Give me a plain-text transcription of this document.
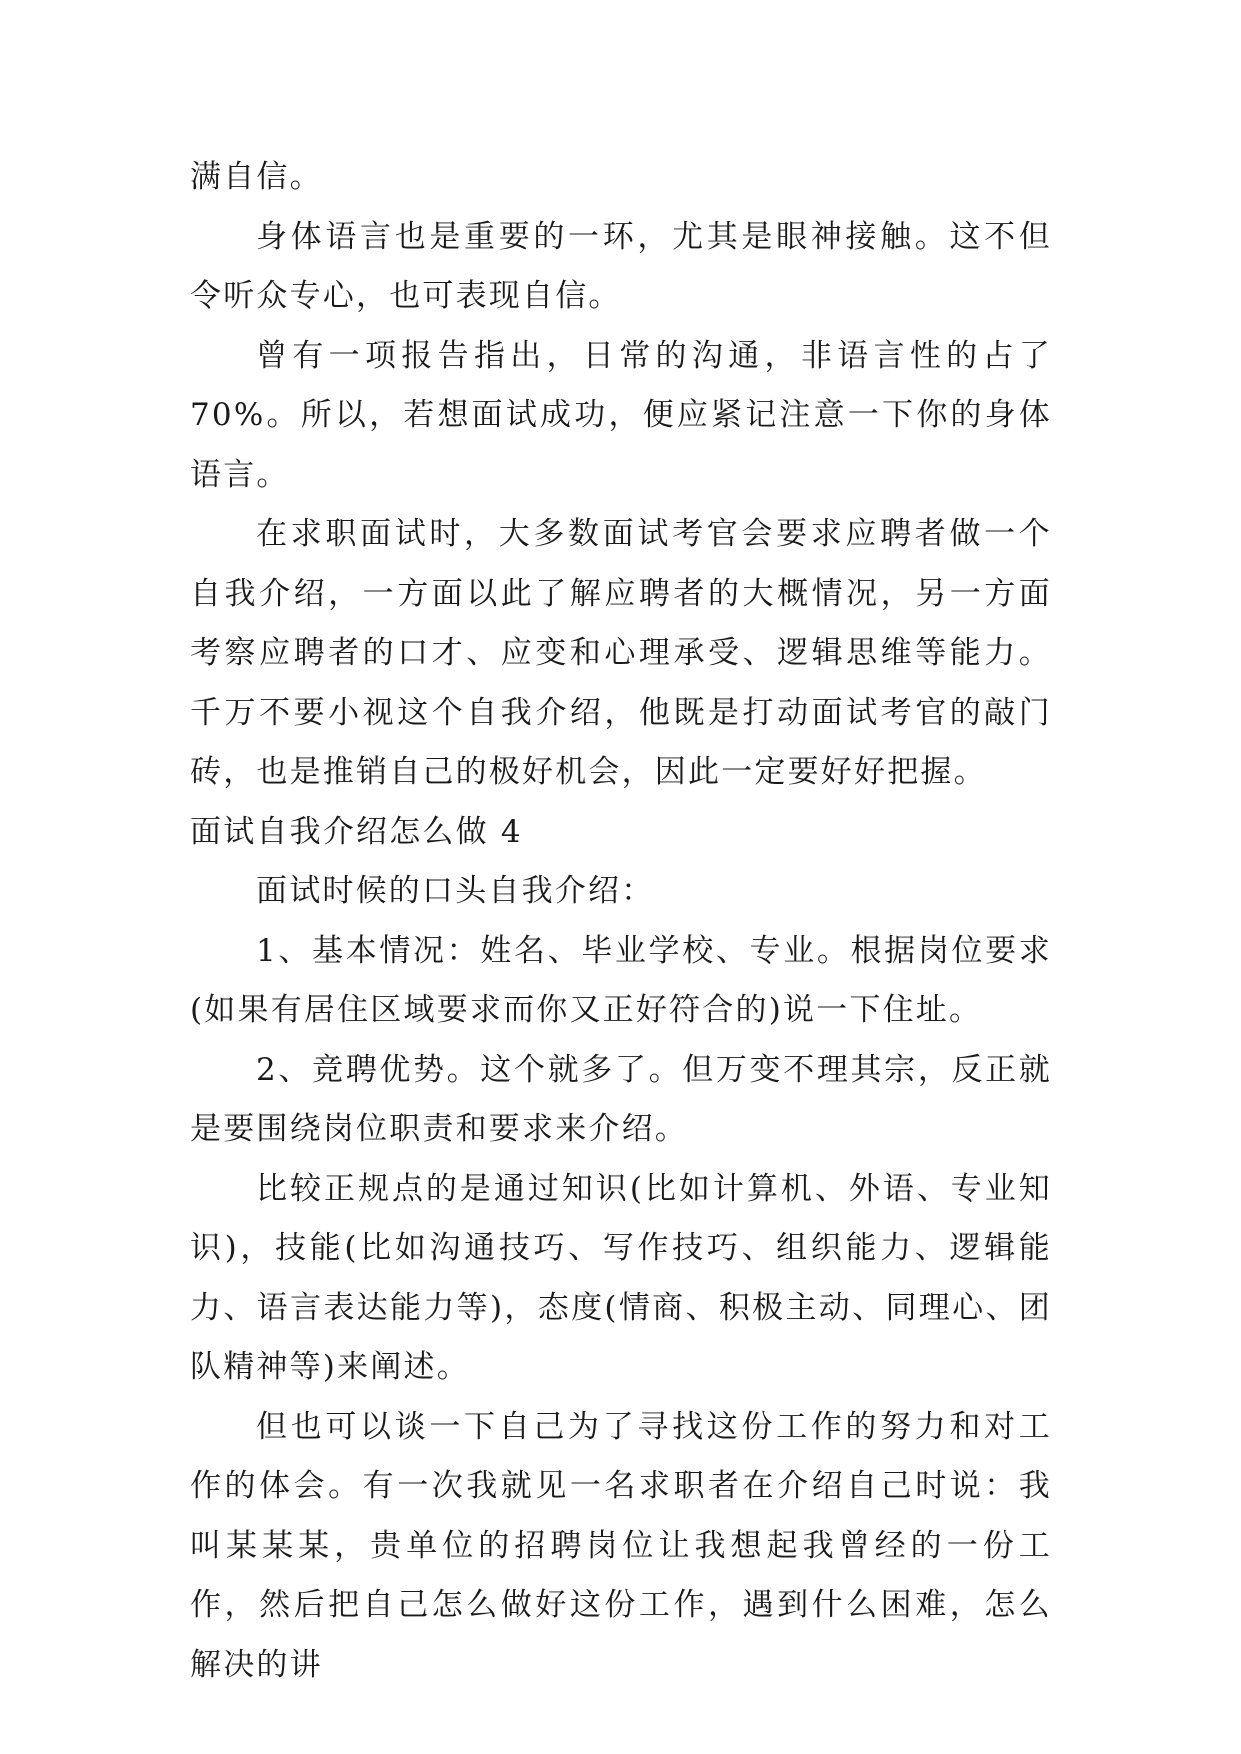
满自信。

身体语言也是重要的一环，尤其是眼神接触。这不但令听众专心，也可表现自信。

曾有一项报告指出，日常的沟通，非语言性的占了 70%。所以，若想面试成功，便应紧记注意一下你的身体语言。

在求职面试时，大多数面试考官会要求应聘者做一个自我介绍，一方面以此了解应聘者的大概情况，另一方面考察应聘者的口才、应变和心理承受、逻辑思维等能力。千万不要小视这个自我介绍，他既是打动面试考官的敲门砖，也是推销自己的极好机会，因此一定要好好把握。

面试自我介绍怎么做 4

面试时候的口头自我介绍：

1、基本情况：姓名、毕业学校、专业。根据岗位要求(如果有居住区域要求而你又正好符合的)说一下住址。

2、竞聘优势。这个就多了。但万变不理其宗，反正就是要围绕岗位职责和要求来介绍。

比较正规点的是通过知识(比如计算机、外语、专业知识)，技能(比如沟通技巧、写作技巧、组织能力、逻辑能力、语言表达能力等)，态度(情商、积极主动、同理心、团队精神等)来阐述。

但也可以谈一下自己为了寻找这份工作的努力和对工作的体会。有一次我就见一名求职者在介绍自己时说：我叫某某某，贵单位的招聘岗位让我想起我曾经的一份工作，然后把自己怎么做好这份工作，遇到什么困难，怎么解决的讲
